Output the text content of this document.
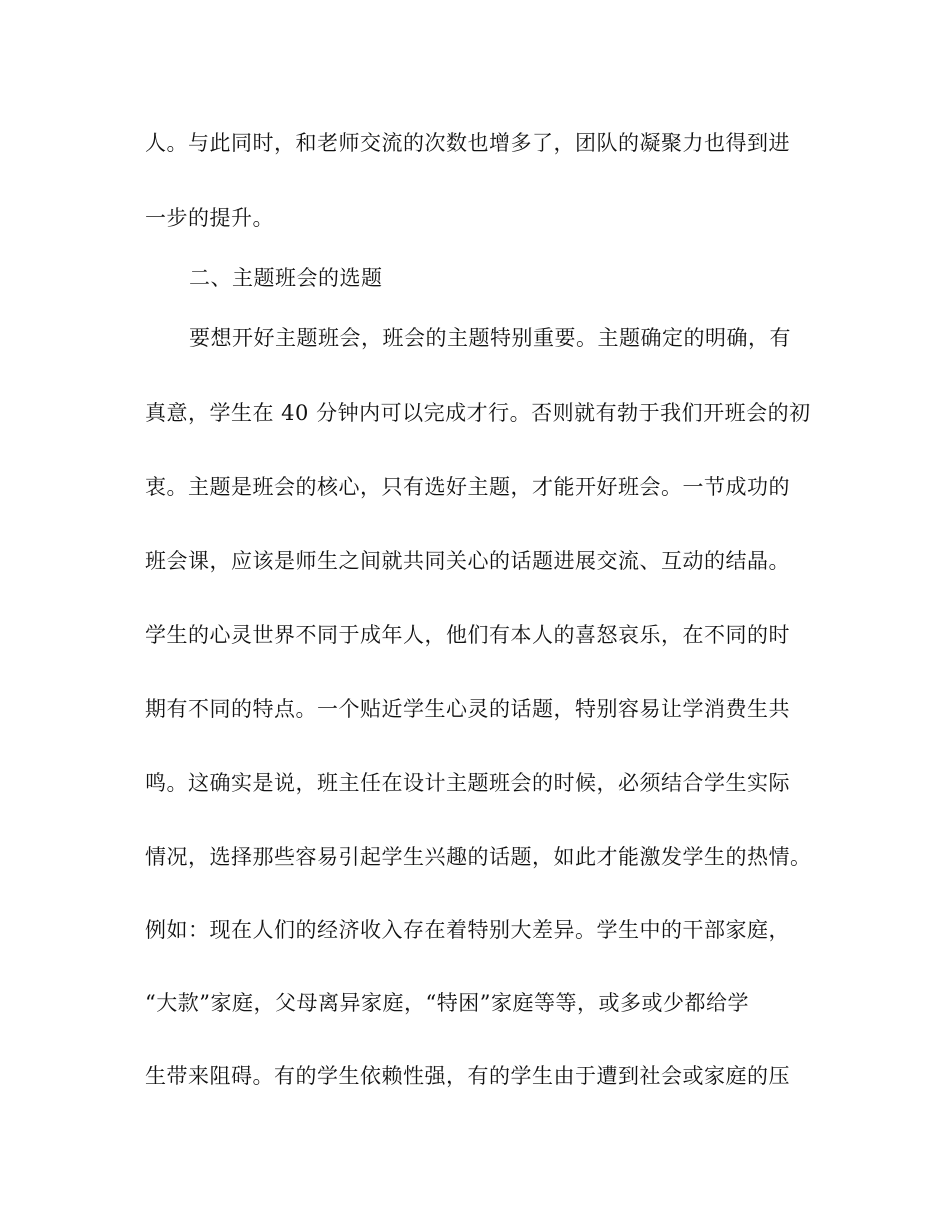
人。与此同时，和老师交流的次数也增多了，团队的凝聚力也得到进
一步的提升。
二、主题班会的选题
要想开好主题班会，班会的主题特别重要。主题确定的明确，有
真意，学生在 40 分钟内可以完成才行。否则就有勃于我们开班会的初
衷。主题是班会的核心，只有选好主题，才能开好班会。一节成功的
班会课，应该是师生之间就共同关心的话题进展交流、互动的结晶。
学生的心灵世界不同于成年人，他们有本人的喜怒哀乐，在不同的时
期有不同的特点。一个贴近学生心灵的话题，特别容易让学消费生共
鸣。这确实是说，班主任在设计主题班会的时候，必须结合学生实际
情况，选择那些容易引起学生兴趣的话题，如此才能激发学生的热情。
例如：现在人们的经济收入存在着特别大差异。学生中的干部家庭，
“大款”家庭，父母离异家庭，“特困”家庭等等，或多或少都给学
生带来阻碍。有的学生依赖性强，有的学生由于遭到社会或家庭的压
